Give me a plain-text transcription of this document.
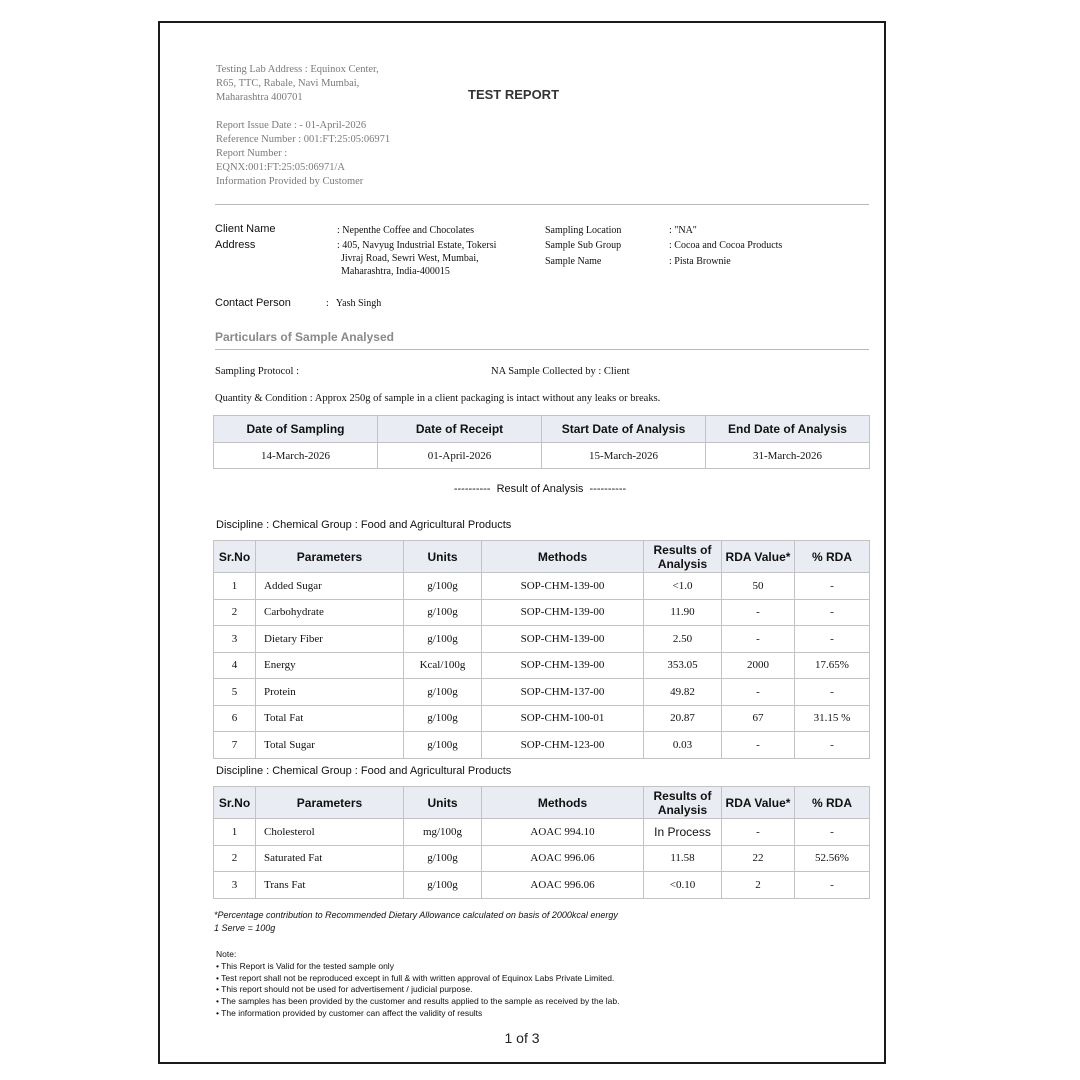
Testing Lab Address : Equinox Center,
R65, TTC, Rabale, Navi Mumbai,
Maharashtra 400701
Report Issue Date : - 01-April-2026
Reference Number : 001:FT:25:05:06971
Report Number :
EQNX:001:FT:25:05:06971/A
Information Provided by Customer
TEST REPORT
Client Name	: Nepenthe Coffee and Chocolates
Address	: 405, Navyug Industrial Estate, Tokersi
Jivraj Road, Sewri West, Mumbai,
Maharashtra, India-400015
Sampling Location	: "NA"
Sample Sub Group	: Cocoa and Cocoa Products
Sample Name	: Pista Brownie
Contact Person	:   Yash Singh
Particulars of Sample Analysed
Sampling Protocol :	NA Sample Collected by : Client
Quantity & Condition : Approx 250g of sample in a client packaging is intact without any leaks or breaks.
Date of Sampling	Date of Receipt	Start Date of Analysis	End Date of Analysis
14-March-2026	01-April-2026	15-March-2026	31-March-2026
----------  Result of Analysis  ----------
Discipline : Chemical Group : Food and Agricultural Products
Sr.No	Parameters	Units	Methods	Results of Analysis	RDA Value*	% RDA
1	Added Sugar	g/100g	SOP-CHM-139-00	<1.0	50	-
2	Carbohydrate	g/100g	SOP-CHM-139-00	11.90	-	-
3	Dietary Fiber	g/100g	SOP-CHM-139-00	2.50	-	-
4	Energy	Kcal/100g	SOP-CHM-139-00	353.05	2000	17.65%
5	Protein	g/100g	SOP-CHM-137-00	49.82	-	-
6	Total Fat	g/100g	SOP-CHM-100-01	20.87	67	31.15 %
7	Total Sugar	g/100g	SOP-CHM-123-00	0.03	-	-
Discipline : Chemical Group : Food and Agricultural Products
Sr.No	Parameters	Units	Methods	Results of Analysis	RDA Value*	% RDA
1	Cholesterol	mg/100g	AOAC 994.10	In Process	-	-
2	Saturated Fat	g/100g	AOAC 996.06	11.58	22	52.56%
3	Trans Fat	g/100g	AOAC 996.06	<0.10	2	-
*Percentage contribution to Recommended Dietary Allowance calculated on basis of 2000kcal energy
1 Serve = 100g
Note:
• This Report is Valid for the tested sample only
• Test report shall not be reproduced except in full & with written approval of Equinox Labs Private Limited.
• This report should not be used for advertisement / judicial purpose.
• The samples has been provided by the customer and results applied to the sample as received by the lab.
• The information provided by customer can affect the validity of results
1 of 3
